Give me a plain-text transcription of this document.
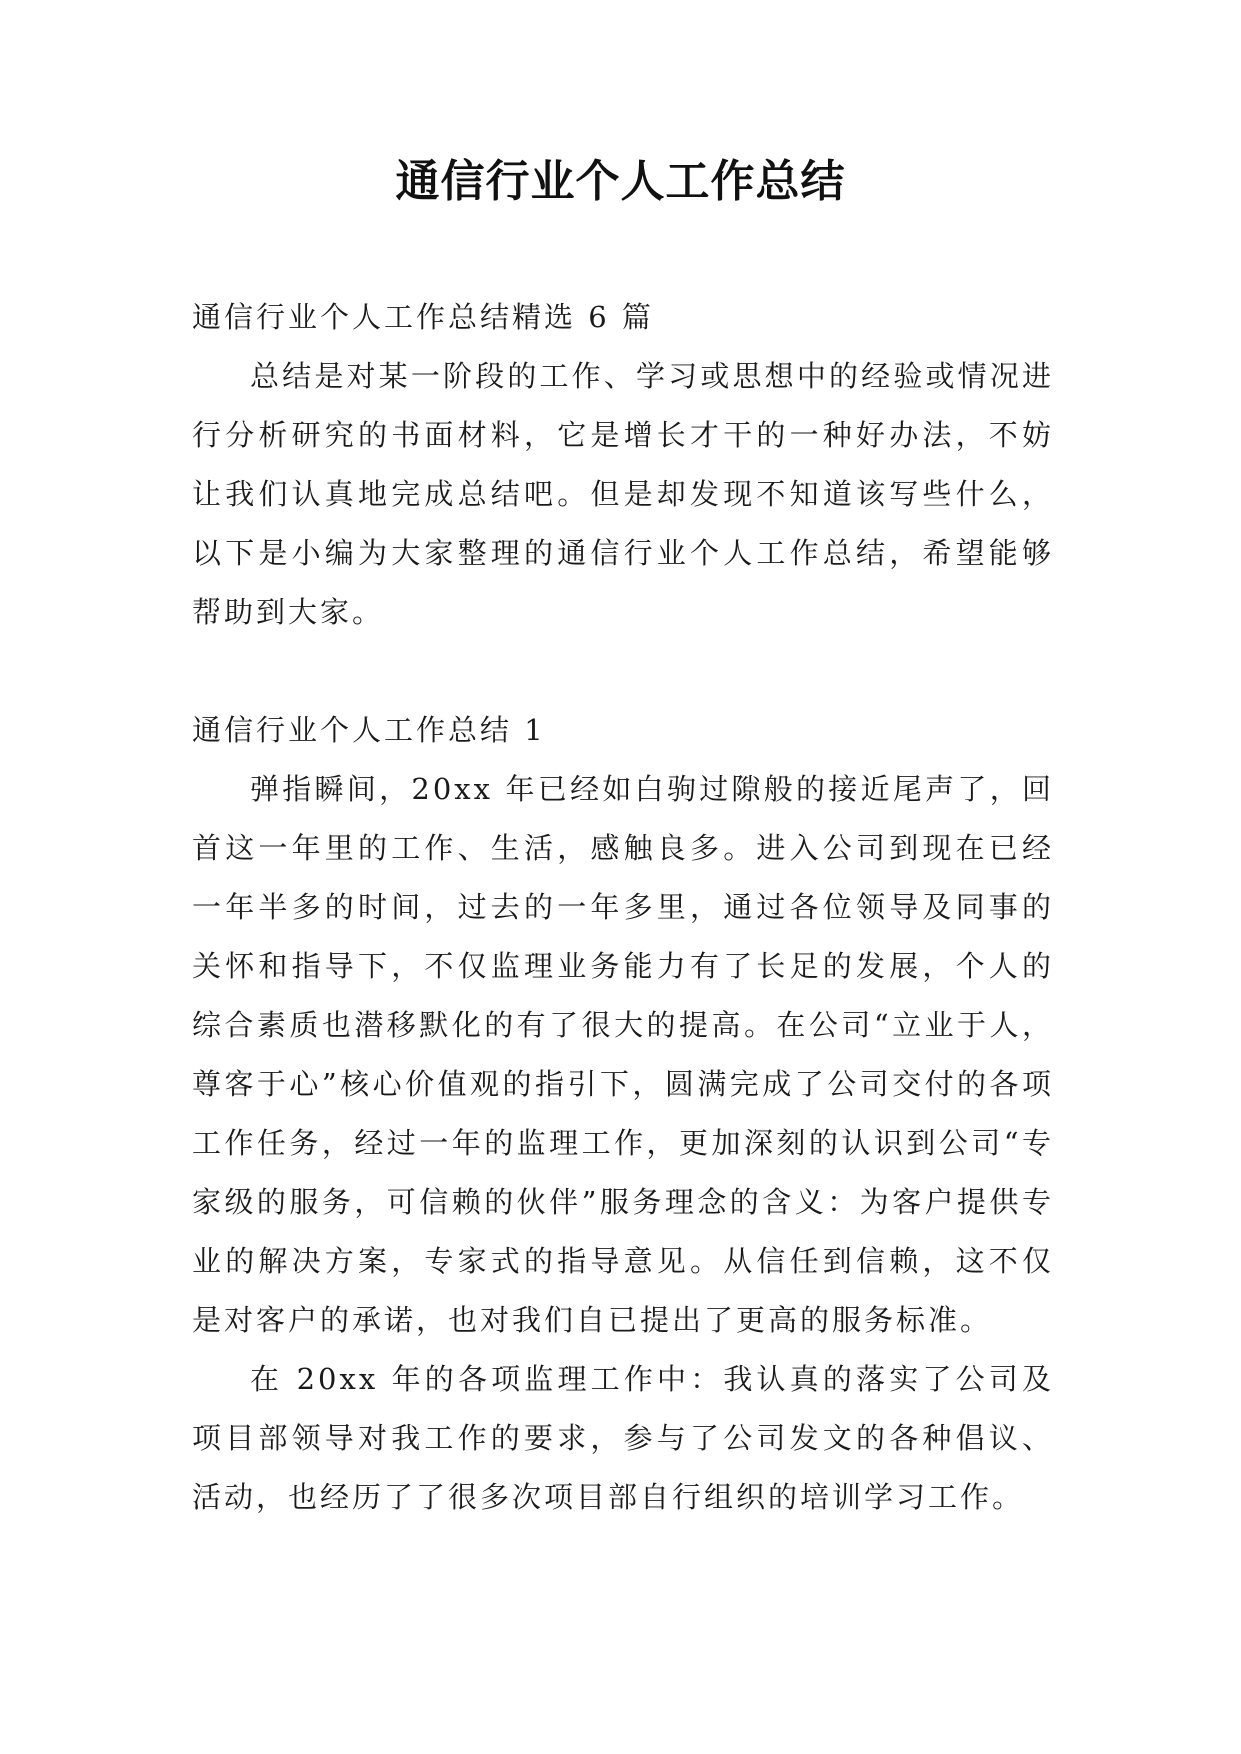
通信行业个人工作总结

通信行业个人工作总结精选 6 篇

总结是对某一阶段的工作、学习或思想中的经验或情况进行分析研究的书面材料，它是增长才干的一种好办法，不妨让我们认真地完成总结吧。但是却发现不知道该写些什么，以下是小编为大家整理的通信行业个人工作总结，希望能够帮助到大家。

通信行业个人工作总结 1

弹指瞬间，20xx 年已经如白驹过隙般的接近尾声了，回首这一年里的工作、生活，感触良多。进入公司到现在已经一年半多的时间，过去的一年多里，通过各位领导及同事的关怀和指导下，不仅监理业务能力有了长足的发展，个人的综合素质也潜移默化的有了很大的提高。在公司“立业于人，尊客于心”核心价值观的指引下，圆满完成了公司交付的各项工作任务，经过一年的监理工作，更加深刻的认识到公司“专家级的服务，可信赖的伙伴”服务理念的含义：为客户提供专业的解决方案，专家式的指导意见。从信任到信赖，这不仅是对客户的承诺，也对我们自已提出了更高的服务标准。

在 20xx 年的各项监理工作中：我认真的落实了公司及项目部领导对我工作的要求，参与了公司发文的各种倡议、活动，也经历了了很多次项目部自行组织的培训学习工作。
